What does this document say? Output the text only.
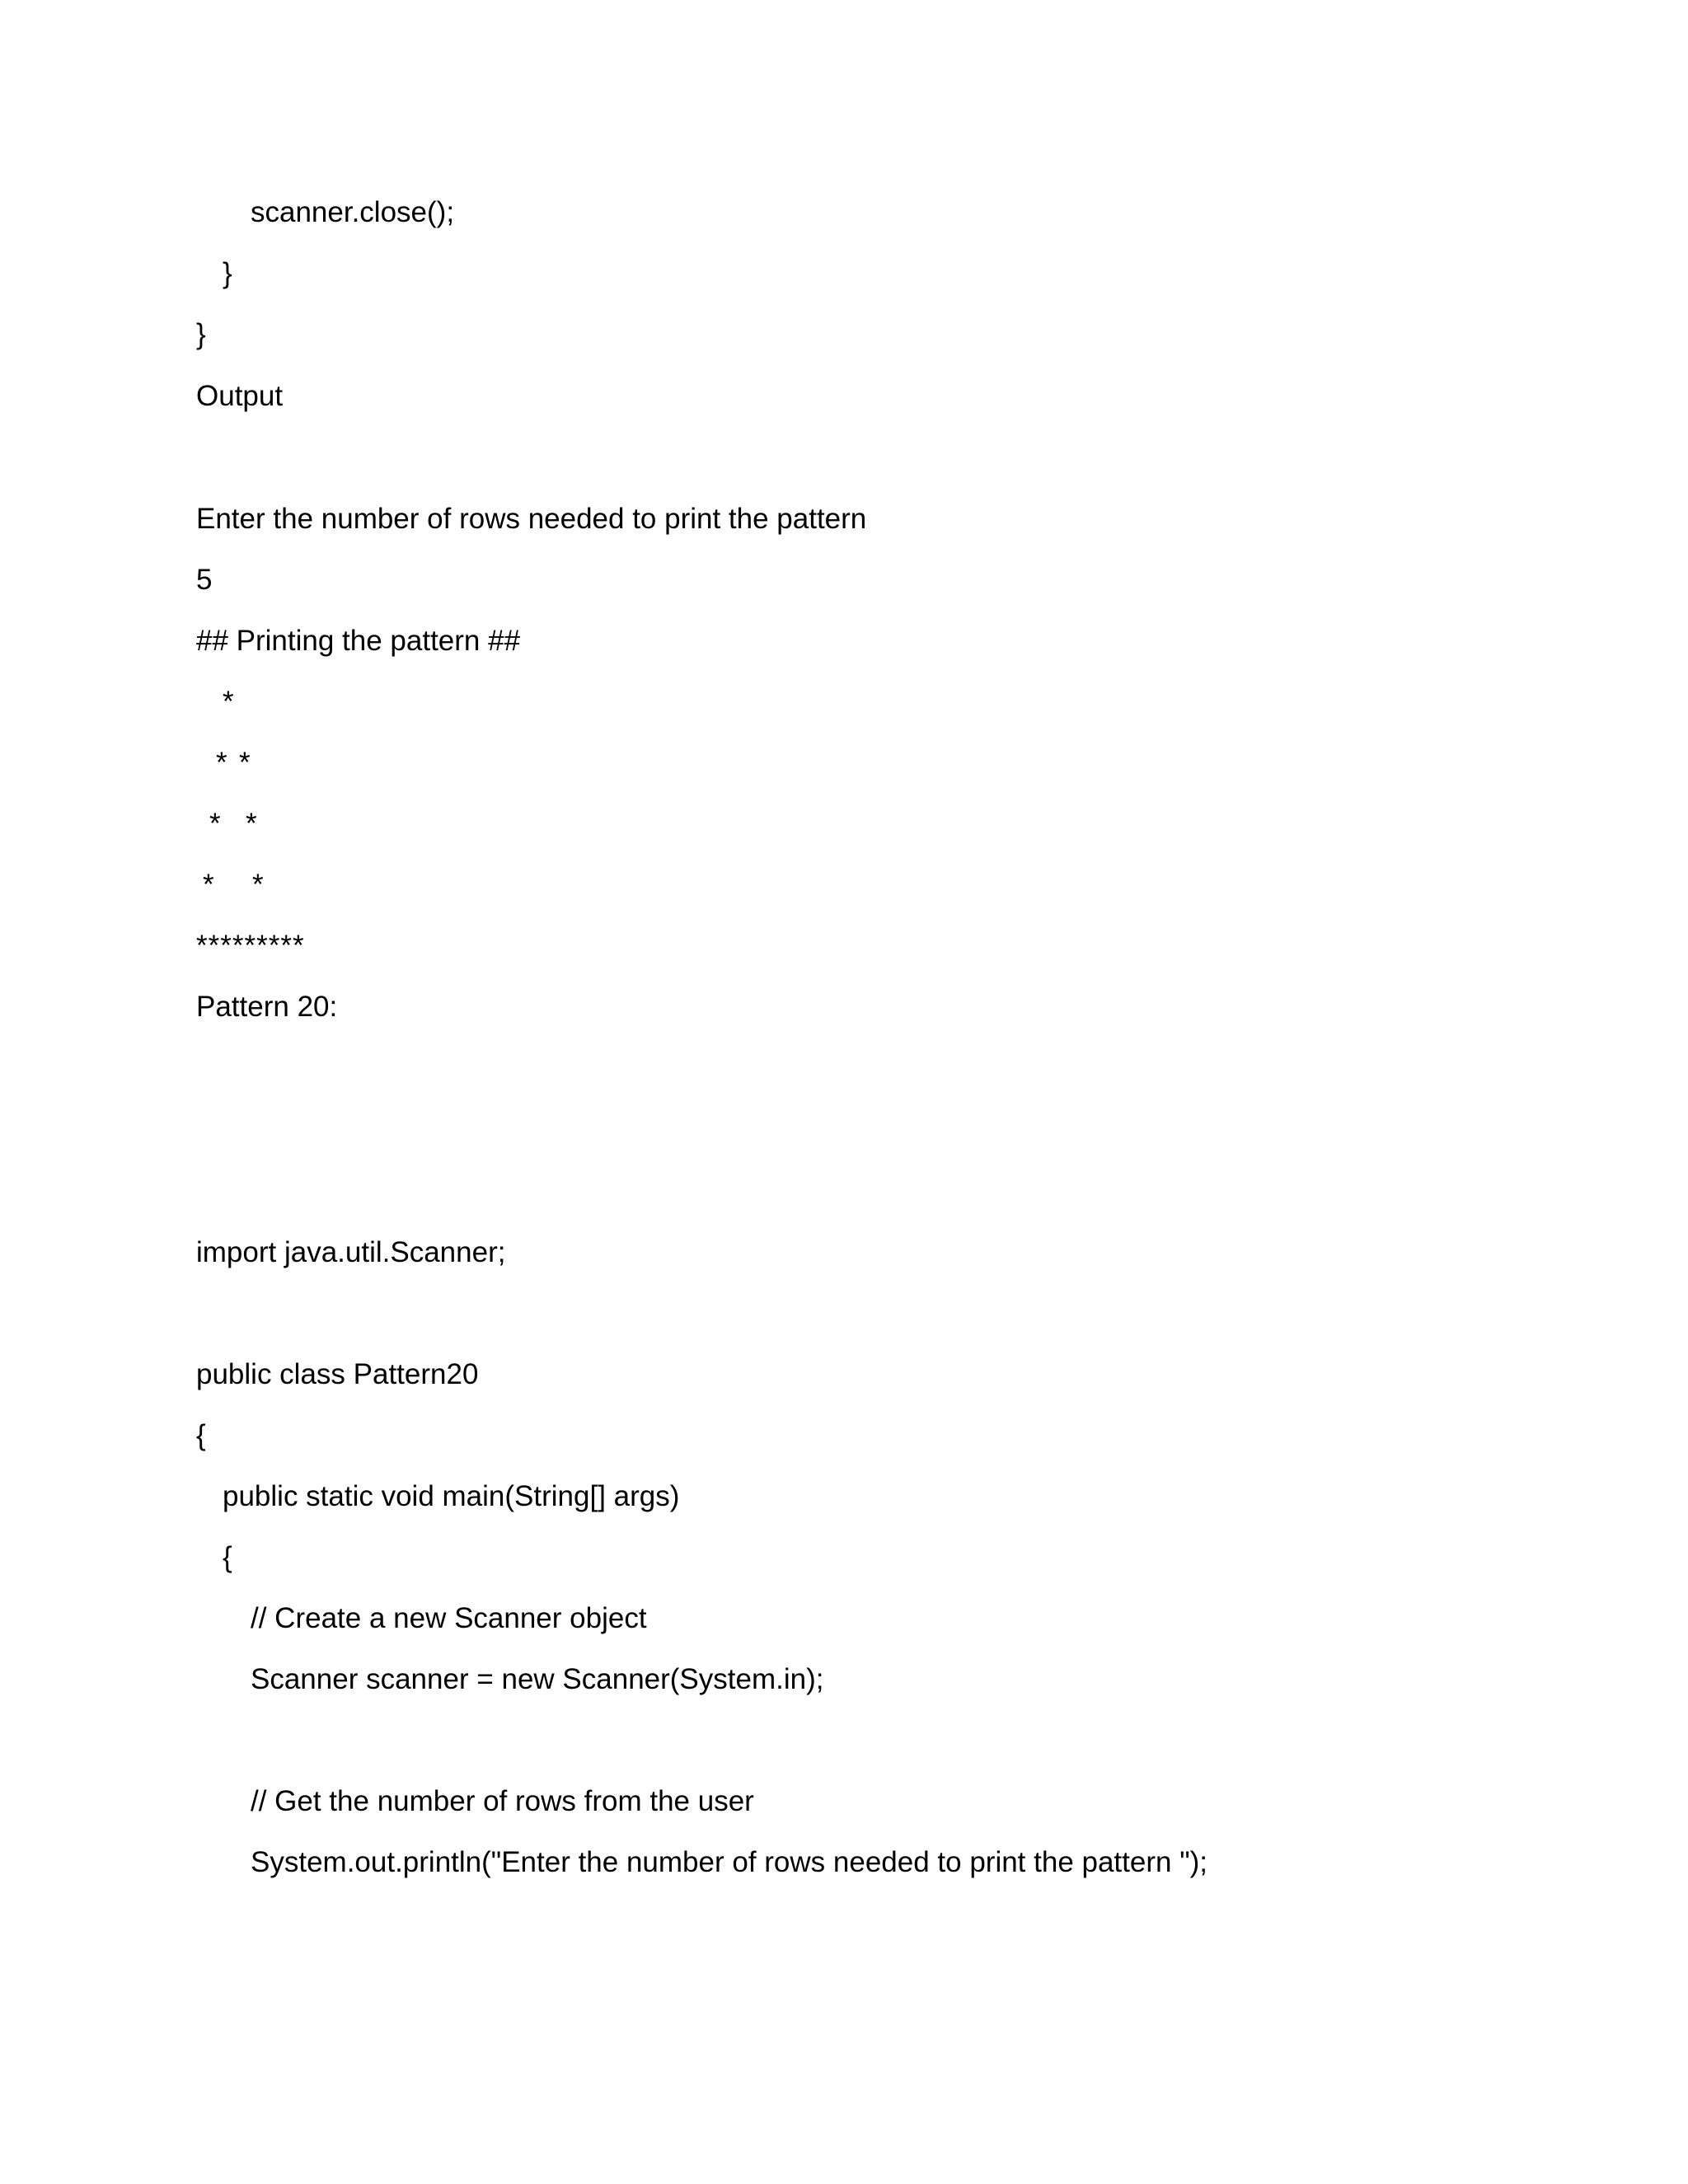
scanner.close();
}
}
Output
Enter the number of rows needed to print the pattern
5
## Printing the pattern ##
*
* *
* *
* *
*********
Pattern 20:
import java.util.Scanner;
public class Pattern20
{
public static void main(String[] args)
{
// Create a new Scanner object
Scanner scanner = new Scanner(System.in);
// Get the number of rows from the user
System.out.println("Enter the number of rows needed to print the pattern ");
